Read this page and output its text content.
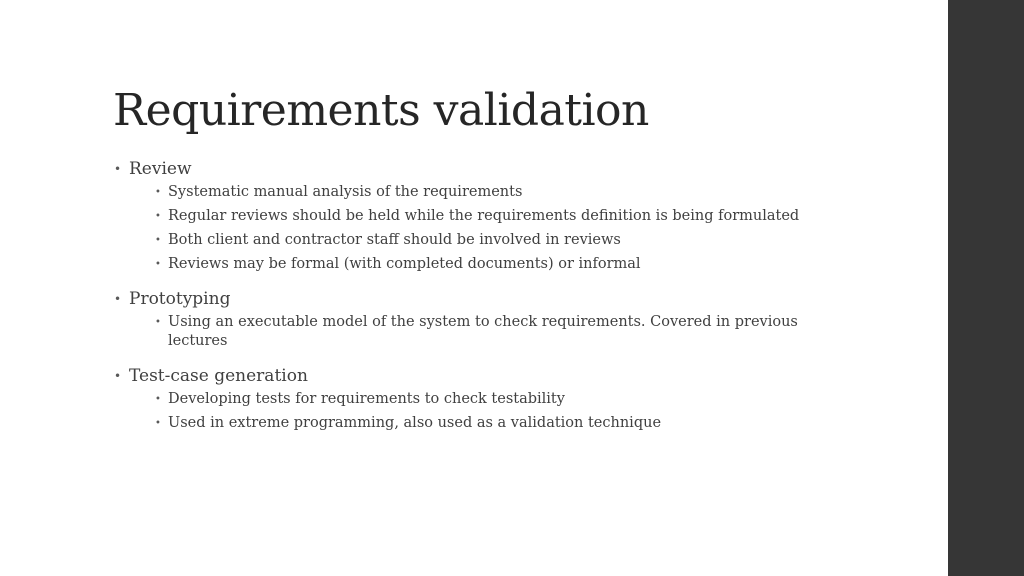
Requirements validation
• Review
• Systematic manual analysis of the requirements
• Regular reviews should be held while the requirements definition is being formulated
• Both client and contractor staff should be involved in reviews
• Reviews may be formal (with completed documents) or informal
• Prototyping
• Using an executable model of the system to check requirements. Covered in previous lectures
• Test-case generation
• Developing tests for requirements to check testability
• Used in extreme programming, also used as a validation technique
